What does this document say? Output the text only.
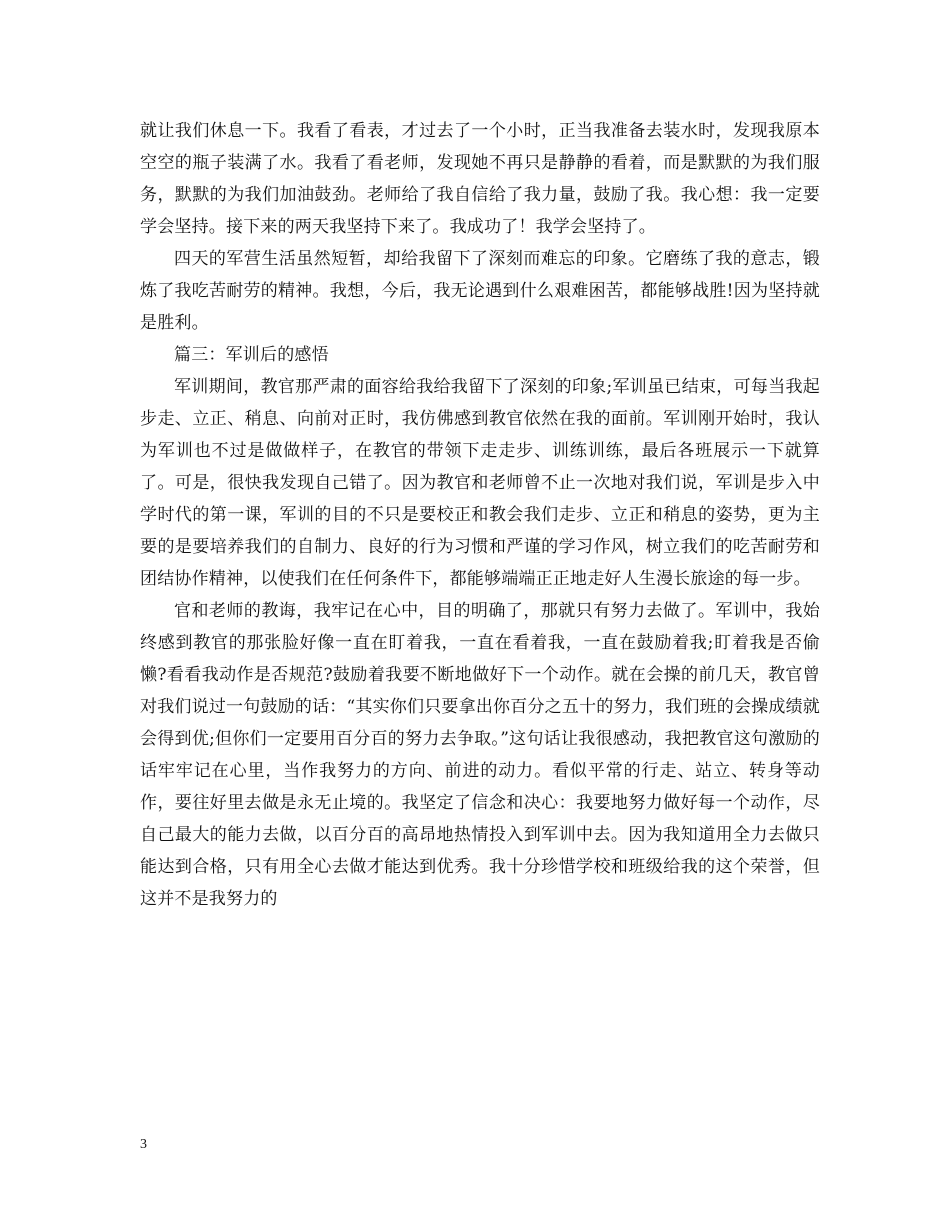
就让我们休息一下。我看了看表，才过去了一个小时，正当我准备去装水时，发现我原本空空的瓶子装满了水。我看了看老师，发现她不再只是静静的看着，而是默默的为我们服务，默默的为我们加油鼓劲。老师给了我自信给了我力量，鼓励了我。我心想：我一定要学会坚持。接下来的两天我坚持下来了。我成功了！我学会坚持了。

四天的军营生活虽然短暂，却给我留下了深刻而难忘的印象。它磨练了我的意志，锻炼了我吃苦耐劳的精神。我想，今后，我无论遇到什么艰难困苦，都能够战胜!因为坚持就是胜利。

篇三：军训后的感悟

军训期间，教官那严肃的面容给我给我留下了深刻的印象;军训虽已结束，可每当我起步走、立正、稍息、向前对正时，我仿佛感到教官依然在我的面前。军训刚开始时，我认为军训也不过是做做样子，在教官的带领下走走步、训练训练，最后各班展示一下就算了。可是，很快我发现自己错了。因为教官和老师曾不止一次地对我们说，军训是步入中学时代的第一课，军训的目的不只是要校正和教会我们走步、立正和稍息的姿势，更为主要的是要培养我们的自制力、良好的行为习惯和严谨的学习作风，树立我们的吃苦耐劳和团结协作精神，以使我们在任何条件下，都能够端端正正地走好人生漫长旅途的每一步。

官和老师的教诲，我牢记在心中，目的明确了，那就只有努力去做了。军训中，我始终感到教官的那张脸好像一直在盯着我，一直在看着我，一直在鼓励着我;盯着我是否偷懒?看看我动作是否规范?鼓励着我要不断地做好下一个动作。就在会操的前几天，教官曾对我们说过一句鼓励的话：“其实你们只要拿出你百分之五十的努力，我们班的会操成绩就会得到优;但你们一定要用百分百的努力去争取。”这句话让我很感动，我把教官这句激励的话牢牢记在心里，当作我努力的方向、前进的动力。看似平常的行走、站立、转身等动作，要往好里去做是永无止境的。我坚定了信念和决心：我要地努力做好每一个动作，尽自己最大的能力去做，以百分百的高昂地热情投入到军训中去。因为我知道用全力去做只能达到合格，只有用全心去做才能达到优秀。我十分珍惜学校和班级给我的这个荣誉，但这并不是我努力的

3
